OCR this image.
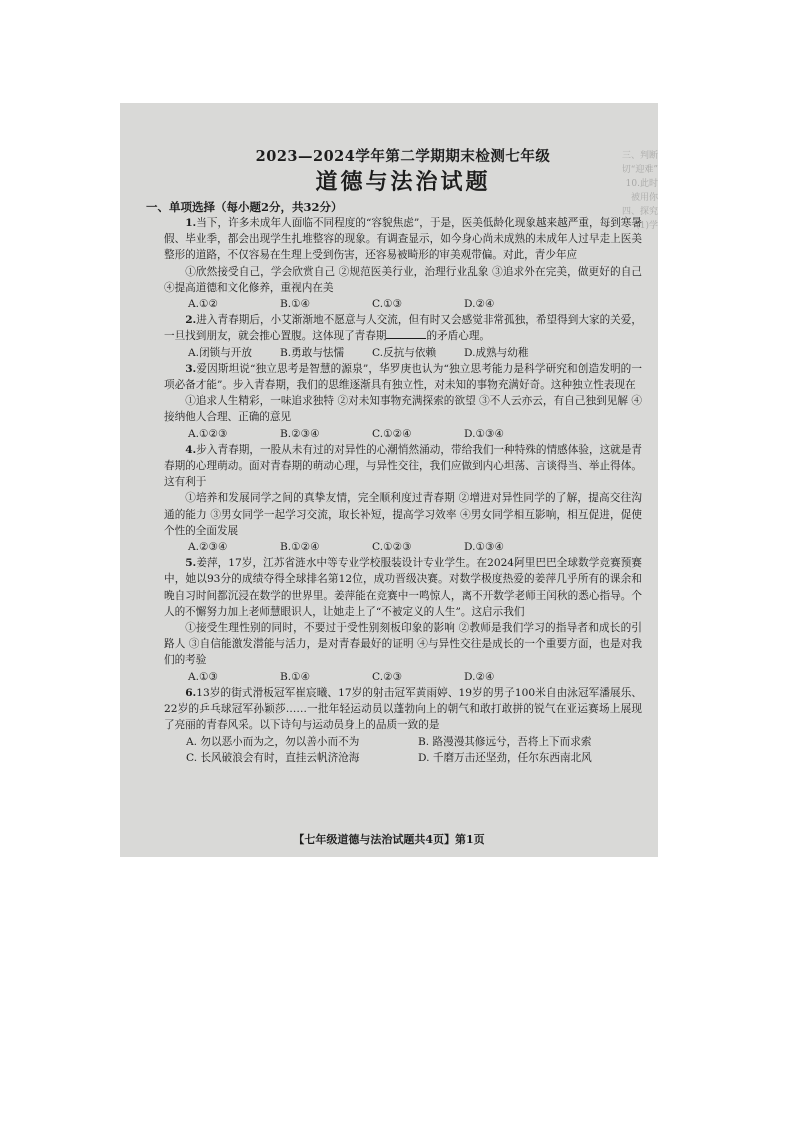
三、判断
切“迎难”
10.此时
被用你
四、探究
(1)学
2023—2024学年第二学期期末检测七年级
道德与法治试题
一、单项选择（每小题2分，共32分）
1.当下，许多未成年人面临不同程度的“容貌焦虑”，于是，医美低龄化现象越来越严重，每到寒暑假、毕业季，都会出现学生扎堆整容的现象。有调查显示，如今身心尚未成熟的未成年人过早走上医美整形的道路，不仅容易在生理上受到伤害，还容易被畸形的审美观带偏。对此，青少年应
①欣然接受自己，学会欣赏自己 ②规范医美行业，治理行业乱象 ③追求外在完美，做更好的自己 ④提高道德和文化修养，重视内在美
A.①②	B.①④	C.①③	D.②④
2.进入青春期后，小艾渐渐地不愿意与人交流，但有时又会感觉非常孤独，希望得到大家的关爱，一旦找到朋友，就会推心置腹。这体现了青春期	的矛盾心理。
A.闭锁与开放	B.勇敢与怯懦	C.反抗与依赖	D.成熟与幼稚
3.爱因斯坦说“独立思考是智慧的源泉”，华罗庚也认为“独立思考能力是科学研究和创造发明的一项必备才能”。步入青春期，我们的思维逐渐具有独立性，对未知的事物充满好奇。这种独立性表现在
①追求人生精彩，一味追求独特 ②对未知事物充满探索的欲望 ③不人云亦云，有自己独到见解 ④接纳他人合理、正确的意见
A.①②③	B.②③④	C.①②④	D.①③④
4.步入青春期，一股从未有过的对异性的心潮悄然涌动，带给我们一种特殊的情感体验，这就是青春期的心理萌动。面对青春期的萌动心理，与异性交往，我们应做到内心坦荡、言谈得当、举止得体。这有利于
①培养和发展同学之间的真挚友情，完全顺利度过青春期 ②增进对异性同学的了解，提高交往沟通的能力 ③男女同学一起学习交流，取长补短，提高学习效率 ④男女同学相互影响，相互促进，促使个性的全面发展
A.②③④	B.①②④	C.①②③	D.①③④
5.姜萍，17岁，江苏省涟水中等专业学校服装设计专业学生。在2024阿里巴巴全球数学竞赛预赛中，她以93分的成绩夺得全球排名第12位，成功晋级决赛。对数学极度热爱的姜萍几乎所有的课余和晚自习时间都沉浸在数学的世界里。姜萍能在竞赛中一鸣惊人，离不开数学老师王闰秋的悉心指导。个人的不懈努力加上老师慧眼识人，让她走上了“不被定义的人生”。这启示我们
①接受生理性别的同时，不要过于受性别刻板印象的影响 ②教师是我们学习的指导者和成长的引路人 ③自信能激发潜能与活力，是对青春最好的证明 ④与异性交往是成长的一个重要方面，也是对我们的考验
A.①③	B.①④	C.②③	D.②④
6.13岁的街式滑板冠军崔宸曦、17岁的射击冠军黄雨婷、19岁的男子100米自由泳冠军潘展乐、22岁的乒乓球冠军孙颖莎……一批年轻运动员以蓬勃向上的朝气和敢打敢拼的锐气在亚运赛场上展现了亮丽的青春风采。以下诗句与运动员身上的品质一致的是
A. 勿以恶小而为之，勿以善小而不为	B. 路漫漫其修远兮，吾将上下而求索
C. 长风破浪会有时，直挂云帆济沧海	D. 千磨万击还坚劲，任尔东西南北风
【七年级道德与法治试题共4页】第1页
